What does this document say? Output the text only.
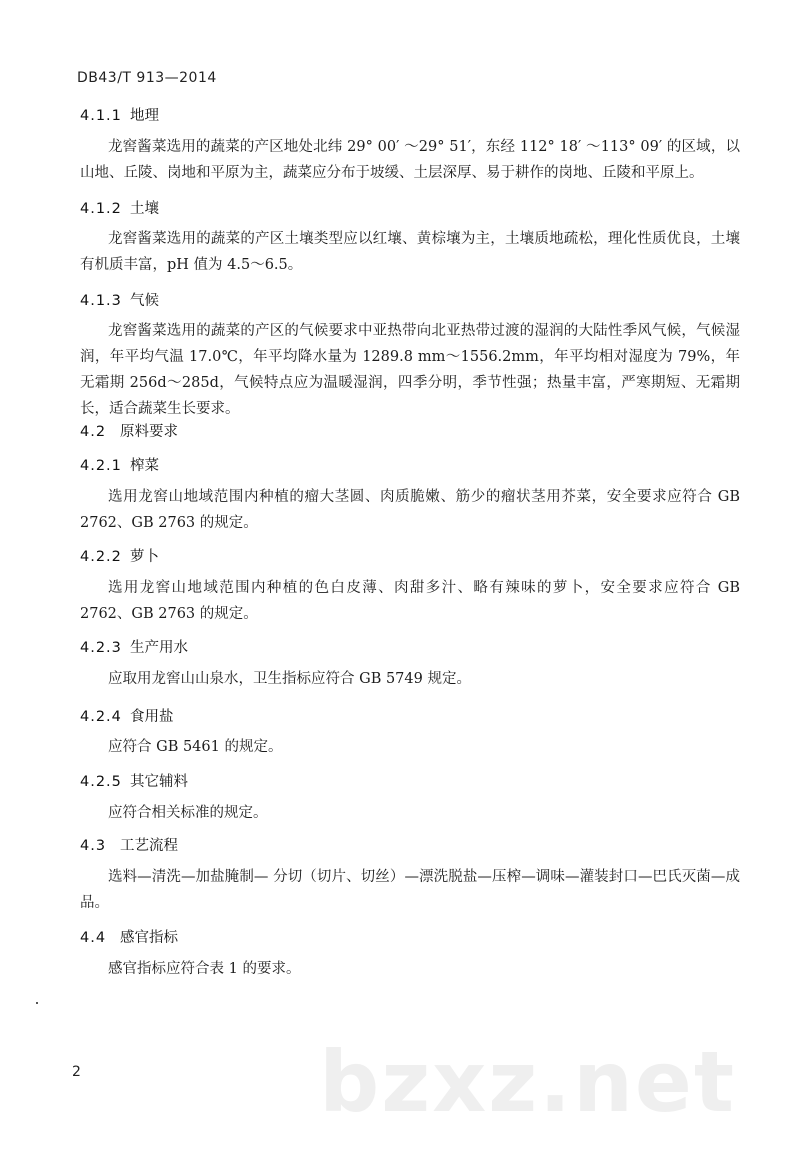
DB43/T 913—2014
4.1.1 地理
龙窖酱菜选用的蔬菜的产区地处北纬 29° 00′ ～29° 51′，东经 112° 18′ ～113° 09′ 的区域，以山地、丘陵、岗地和平原为主，蔬菜应分布于坡缓、土层深厚、易于耕作的岗地、丘陵和平原上。
4.1.2 土壤
龙窖酱菜选用的蔬菜的产区土壤类型应以红壤、黄棕壤为主，土壤质地疏松，理化性质优良，土壤有机质丰富，pH 值为 4.5～6.5。
4.1.3 气候
龙窖酱菜选用的蔬菜的产区的气候要求中亚热带向北亚热带过渡的湿润的大陆性季风气候，气候湿润，年平均气温 17.0℃，年平均降水量为 1289.8 mm～1556.2mm，年平均相对湿度为 79%，年无霜期 256d～285d，气候特点应为温暖湿润，四季分明，季节性强；热量丰富，严寒期短、无霜期长，适合蔬菜生长要求。
4.2 原料要求
4.2.1 榨菜
选用龙窖山地域范围内种植的瘤大茎圆、肉质脆嫩、筋少的瘤状茎用芥菜，安全要求应符合 GB 2762、GB 2763 的规定。
4.2.2 萝卜
选用龙窖山地域范围内种植的色白皮薄、肉甜多汁、略有辣味的萝卜，安全要求应符合 GB 2762、GB 2763 的规定。
4.2.3 生产用水
应取用龙窖山山泉水，卫生指标应符合 GB 5749 规定。
4.2.4 食用盐
应符合 GB 5461 的规定。
4.2.5 其它辅料
应符合相关标准的规定。
4.3 工艺流程
选料—清洗—加盐腌制— 分切（切片、切丝）—漂洗脱盐—压榨—调味—灌装封口—巴氏灭菌—成品。
4.4 感官指标
感官指标应符合表 1 的要求。
2	bzxz.net
